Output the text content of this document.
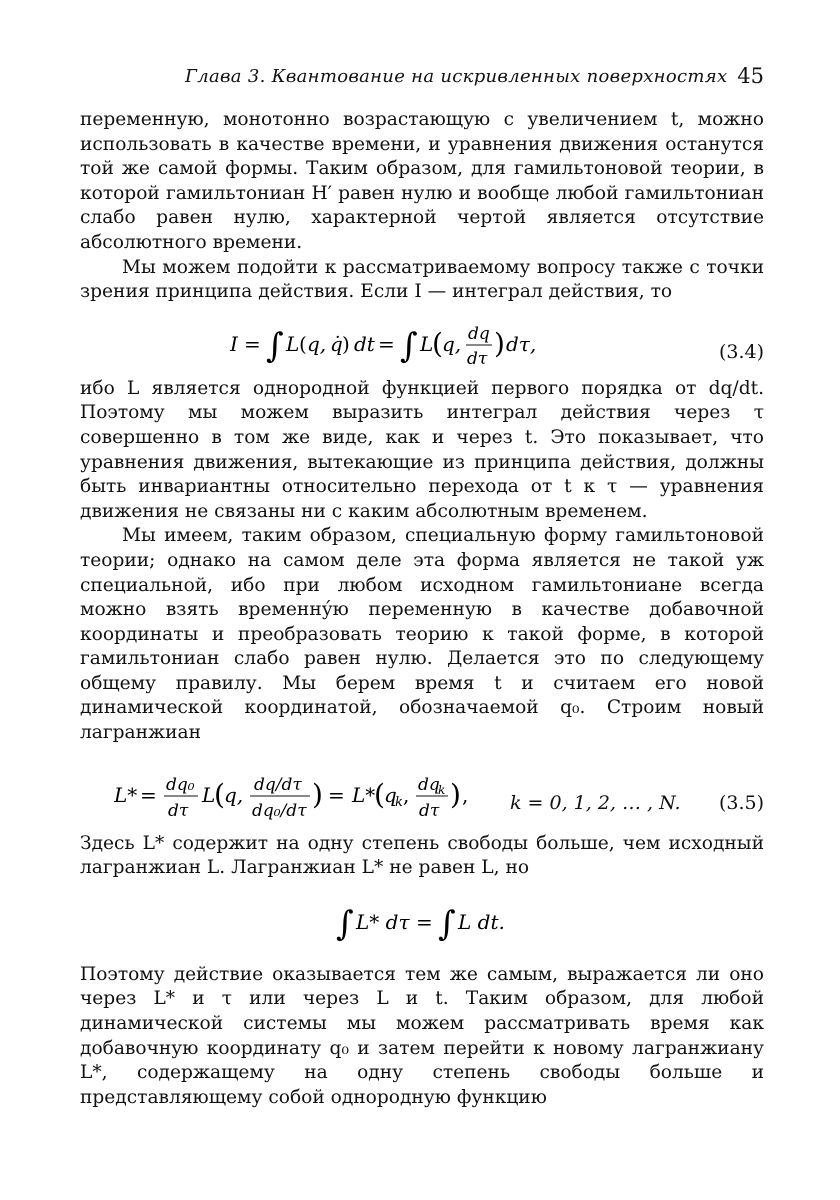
Глава 3. Квантование на искривленных поверхностях 45

переменную, монотонно возрастающую с увеличением t, можно использовать в качестве времени, и уравнения движения останутся той же самой формы. Таким образом, для гамильтоновой теории, в которой гамильтониан H′ равен нулю и вообще любой гамильтониан слабо равен нулю, характерной чертой является отсутствие абсолютного времени.

Мы можем подойти к рассматриваемому вопросу также с точки зрения принципа действия. Если I — интеграл действия, то

I = ∫ L ( q, q̇ ) dt = ∫ L
( q, dq
dτ ) dτ,	(3.4)

ибо L является однородной функцией первого порядка от dq/dt. Поэтому мы можем выразить интеграл действия через τ совершенно в том же виде, как и через t. Это показывает, что уравнения движения, вытекающие из принципа действия, должны быть инвариантны относительно перехода от t к τ — уравнения движения не связаны ни с каким абсолютным временем.

Мы имеем, таким образом, специальную форму гамильтоновой теории; однако на самом деле эта форма является не такой уж специальной, ибо при любом исходном гамильтониане всегда можно взять временну́ю переменную в качестве добавочной координаты и преобразовать теорию к такой форме, в которой гамильтониан слабо равен нулю. Делается это по следующему общему правилу. Мы берем время t и считаем его новой динамической координатой, обозначаемой q₀. Строим новый лагранжиан

L* = dq₀
dτ
L
( q, dq/dτ
dq₀/dτ ) = L*
( q
k , dq
k
dτ ) , k = 0, 1, 2, … , N. (3.5)

Здесь L* содержит на одну степень свободы больше, чем исходный лагранжиан L. Лагранжиан L* не равен L, но

∫ L* dτ = ∫ L dt.

Поэтому действие оказывается тем же самым, выражается ли оно через L* и τ или через L и t. Таким образом, для любой динамической системы мы можем рассматривать время как добавочную координату q₀ и затем перейти к новому лагранжиану L*, содержащему на одну степень свободы больше и представляющему собой однородную функцию
